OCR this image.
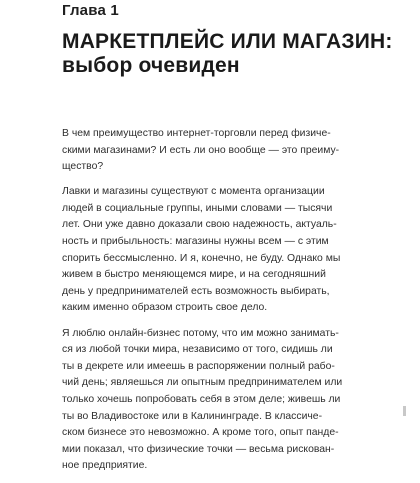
Глава 1
МАРКЕТПЛЕЙС ИЛИ МАГАЗИН:
выбор очевиден
В чем преимущество интернет-торговли перед физиче-
скими магазинами? И есть ли оно вообще — это преиму-
щество?
Лавки и магазины существуют с момента организации
людей в социальные группы, иными словами — тысячи
лет. Они уже давно доказали свою надежность, актуаль-
ность и прибыльность: магазины нужны всем — с этим
спорить бессмысленно. И я, конечно, не буду. Однако мы
живем в быстро меняющемся мире, и на сегодняшний
день у предпринимателей есть возможность выбирать,
каким именно образом строить свое дело.
Я люблю онлайн-бизнес потому, что им можно занимать-
ся из любой точки мира, независимо от того, сидишь ли
ты в декрете или имеешь в распоряжении полный рабо-
чий день; являешься ли опытным предпринимателем или
только хочешь попробовать себя в этом деле; живешь ли
ты во Владивостоке или в Калининграде. В классиче-
ском бизнесе это невозможно. А кроме того, опыт панде-
мии показал, что физические точки — весьма рискован-
ное предприятие.
